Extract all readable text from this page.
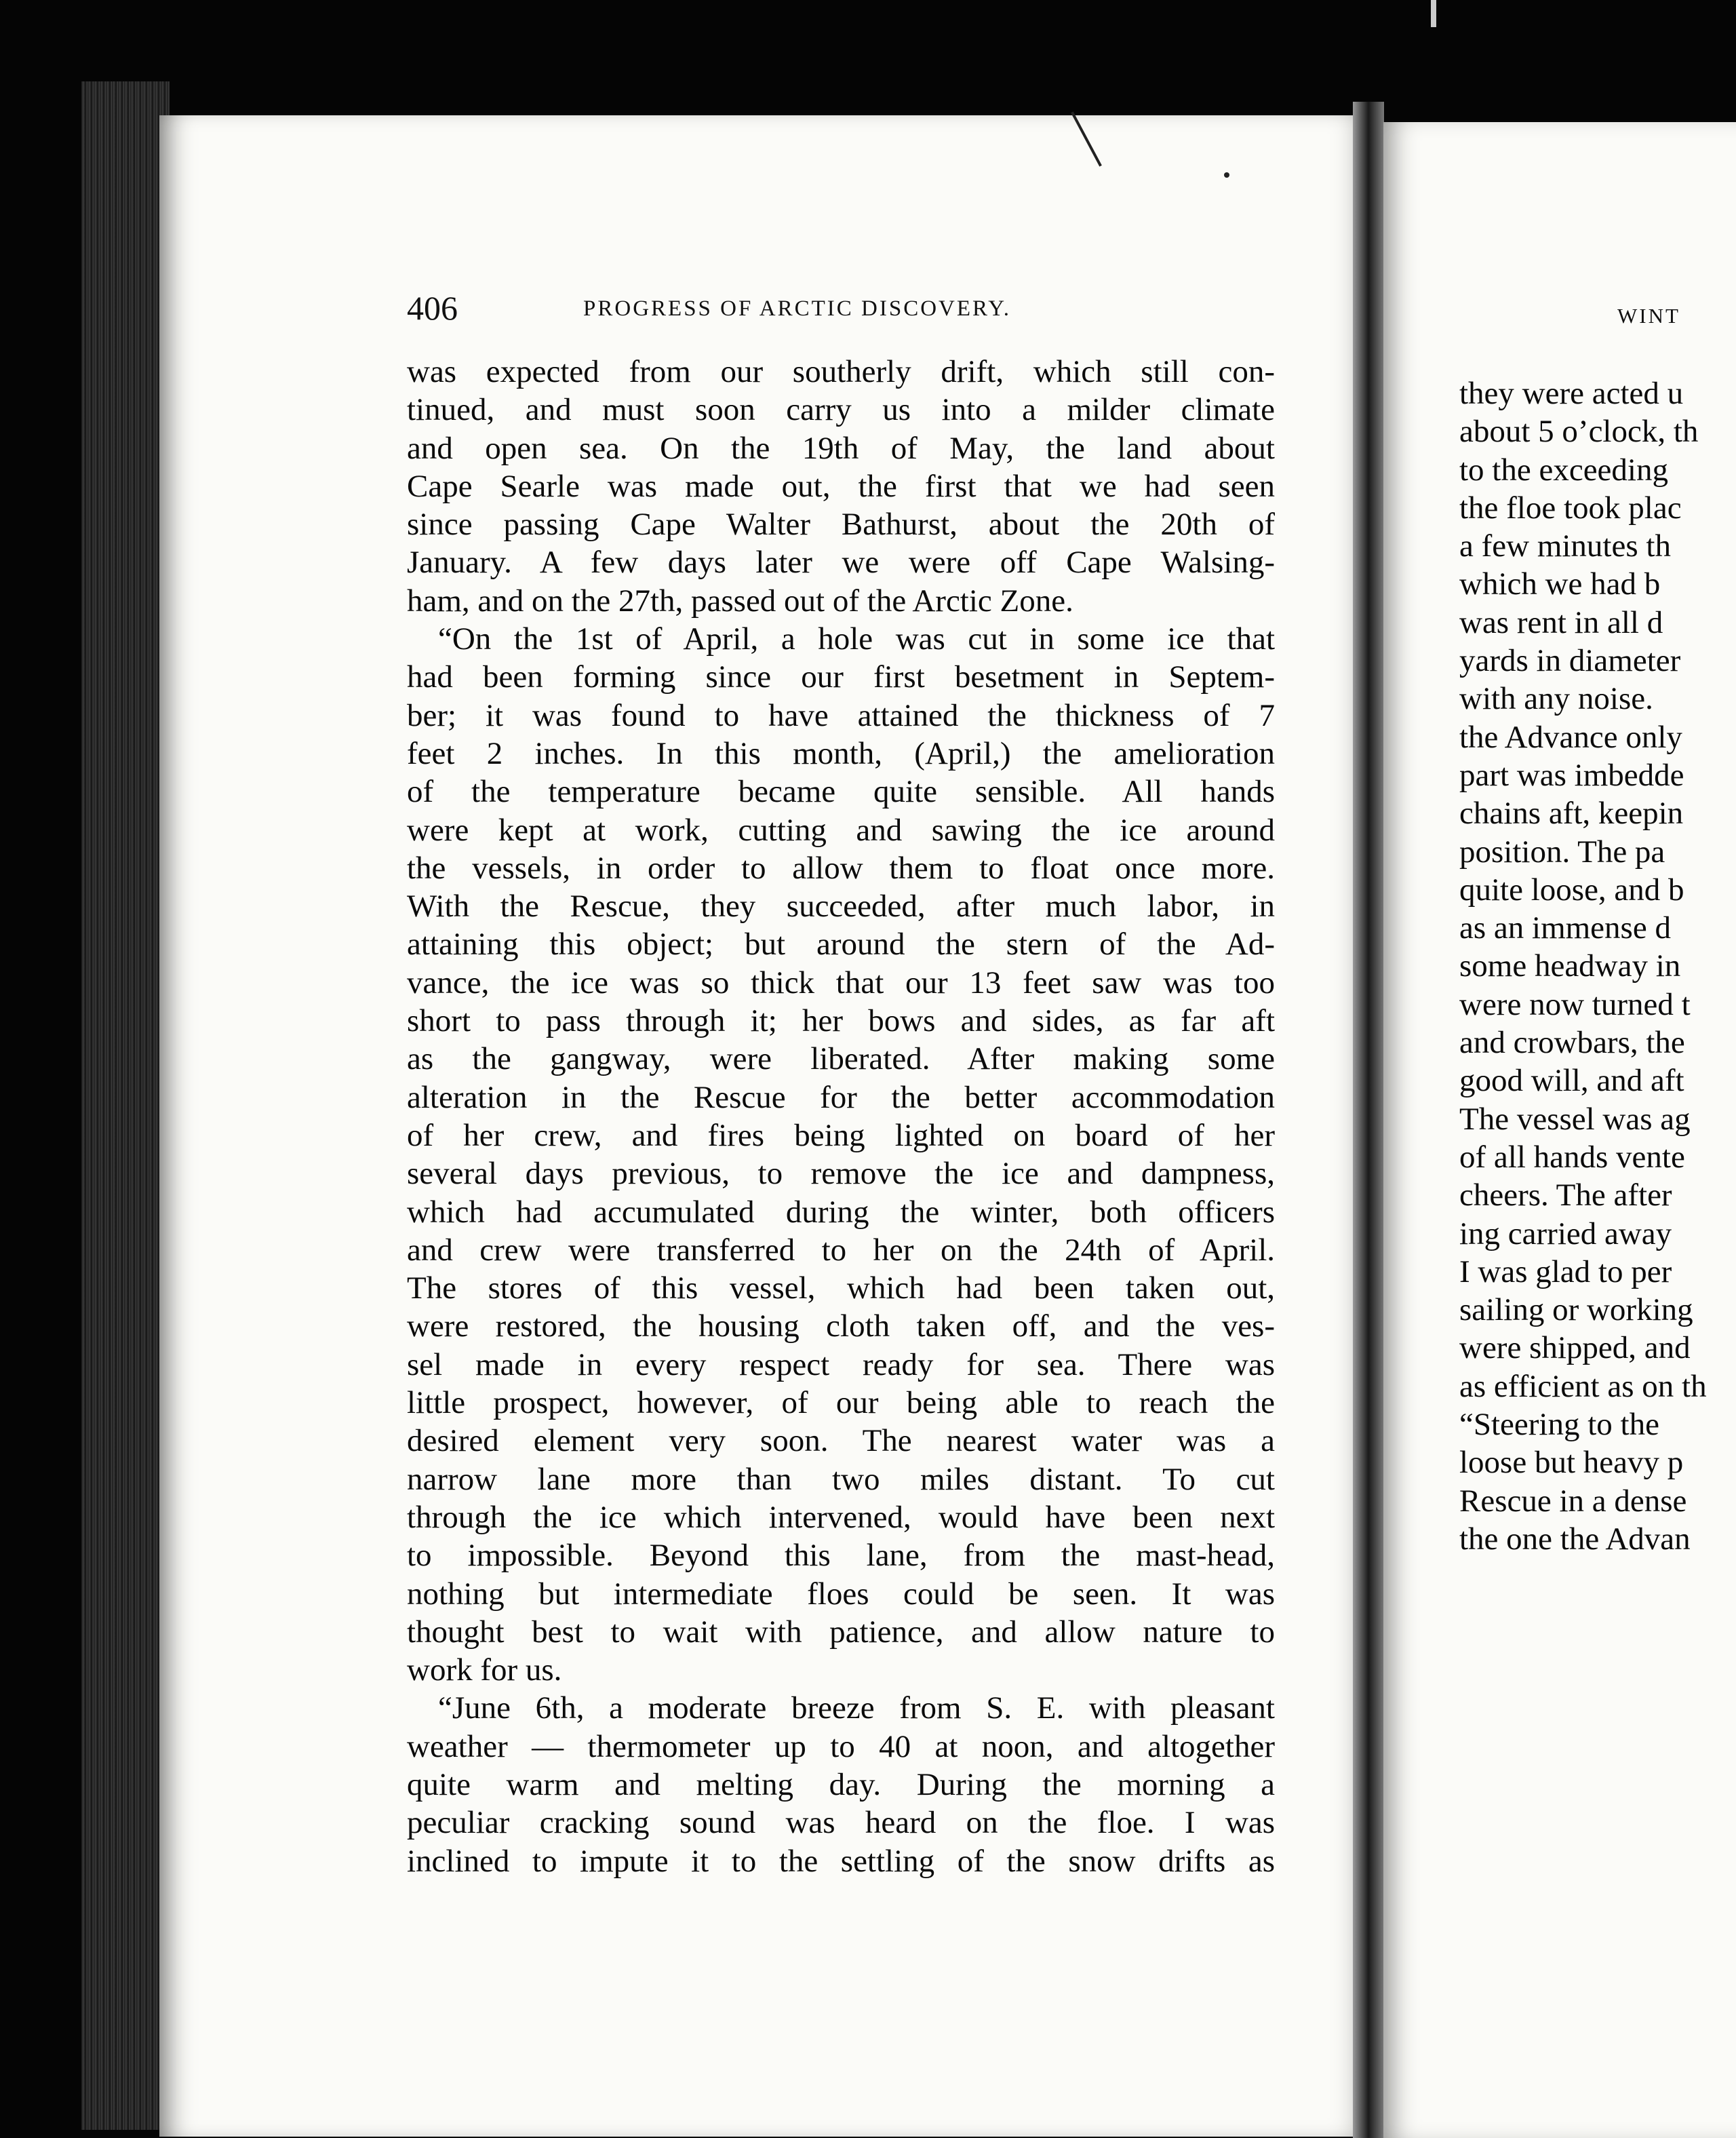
406	PROGRESS OF ARCTIC DISCOVERY.
was expected from our southerly drift, which still con-
tinued, and must soon carry us into a milder climate
and open sea. On the 19th of May, the land about
Cape Searle was made out, the first that we had seen
since passing Cape Walter Bathurst, about the 20th of
January. A few days later we were off Cape Walsing-
ham, and on the 27th, passed out of the Arctic Zone.
“On the 1st of April, a hole was cut in some ice that
had been forming since our first besetment in Septem-
ber; it was found to have attained the thickness of 7
feet 2 inches. In this month, (April,) the amelioration
of the temperature became quite sensible. All hands
were kept at work, cutting and sawing the ice around
the vessels, in order to allow them to float once more.
With the Rescue, they succeeded, after much labor, in
attaining this object; but around the stern of the Ad-
vance, the ice was so thick that our 13 feet saw was too
short to pass through it; her bows and sides, as far aft
as the gangway, were liberated. After making some
alteration in the Rescue for the better accommodation
of her crew, and fires being lighted on board of her
several days previous, to remove the ice and dampness,
which had accumulated during the winter, both officers
and crew were transferred to her on the 24th of April.
The stores of this vessel, which had been taken out,
were restored, the housing cloth taken off, and the ves-
sel made in every respect ready for sea. There was
little prospect, however, of our being able to reach the
desired element very soon. The nearest water was a
narrow lane more than two miles distant. To cut
through the ice which intervened, would have been next
to impossible. Beyond this lane, from the mast-head,
nothing but intermediate floes could be seen. It was
thought best to wait with patience, and allow nature to
work for us.
“June 6th, a moderate breeze from S. E. with pleasant
weather — thermometer up to 40 at noon, and altogether
quite warm and melting day. During the morning a
peculiar cracking sound was heard on the floe. I was
inclined to impute it to the settling of the snow drifts as
WINT
they were acted u
about 5 o’clock, th
to the exceeding
the floe took plac
a few minutes th
which we had b
was rent in all d
yards in diameter
with any noise.
the Advance only
part was imbedde
chains aft, keepin
position. The pa
quite loose, and b
as an immense d
some headway in
were now turned t
and crowbars, the
good will, and aft
The vessel was ag
of all hands vente
cheers. The after
ing carried away
I was glad to per
sailing or working
were shipped, and
as efficient as on th
“Steering to the
loose but heavy p
Rescue in a dense
the one the Advan
